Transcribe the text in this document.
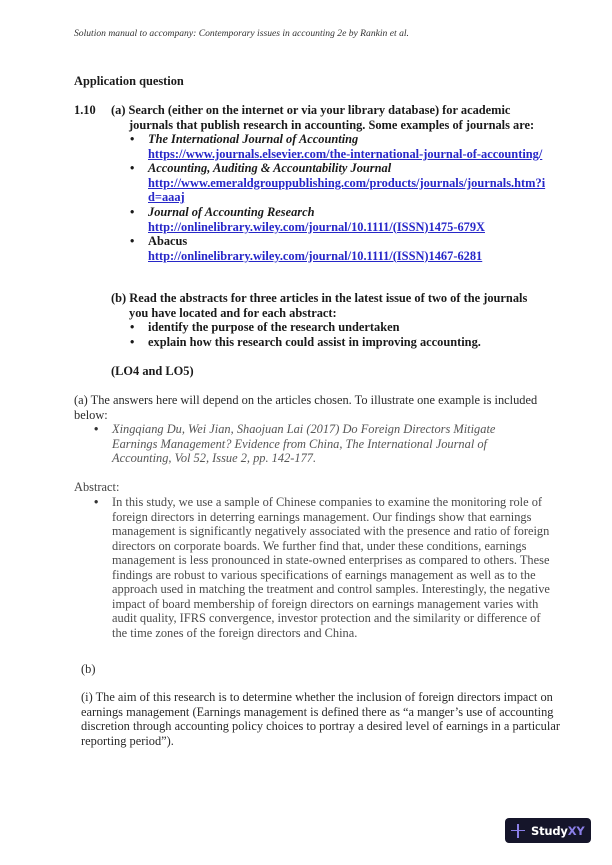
Solution manual to accompany: Contemporary issues in accounting 2e by Rankin et al.
Application question
1.10 (a) Search (either on the internet or via your library database) for academic
journals that publish research in accounting. Some examples of journals are:
• The International Journal of Accounting
https://www.journals.elsevier.com/the-international-journal-of-accounting/
• Accounting, Auditing & Accountability Journal
http://www.emeraldgrouppublishing.com/products/journals/journals.htm?id=aaaj
• Journal of Accounting Research
http://onlinelibrary.wiley.com/journal/10.1111/(ISSN)1475-679X
• Abacus
http://onlinelibrary.wiley.com/journal/10.1111/(ISSN)1467-6281
(b) Read the abstracts for three articles in the latest issue of two of the journals
you have located and for each abstract:
• identify the purpose of the research undertaken
• explain how this research could assist in improving accounting.
(LO4 and LO5)
(a) The answers here will depend on the articles chosen. To illustrate one example is included below:
• Xingqiang Du, Wei Jian, Shaojuan Lai (2017) Do Foreign Directors Mitigate Earnings Management? Evidence from China, The International Journal of Accounting, Vol 52, Issue 2, pp. 142-177.
Abstract:
• In this study, we use a sample of Chinese companies to examine the monitoring role of foreign directors in deterring earnings management. Our findings show that earnings management is significantly negatively associated with the presence and ratio of foreign directors on corporate boards. We further find that, under these conditions, earnings management is less pronounced in state-owned enterprises as compared to others. These findings are robust to various specifications of earnings management as well as to the approach used in matching the treatment and control samples. Interestingly, the negative impact of board membership of foreign directors on earnings management varies with audit quality, IFRS convergence, investor protection and the similarity or difference of the time zones of the foreign directors and China.
(b)
(i) The aim of this research is to determine whether the inclusion of foreign directors impact on earnings management (Earnings management is defined there as “a manger’s use of accounting discretion through accounting policy choices to portray a desired level of earnings in a particular reporting period”).
StudyXY
